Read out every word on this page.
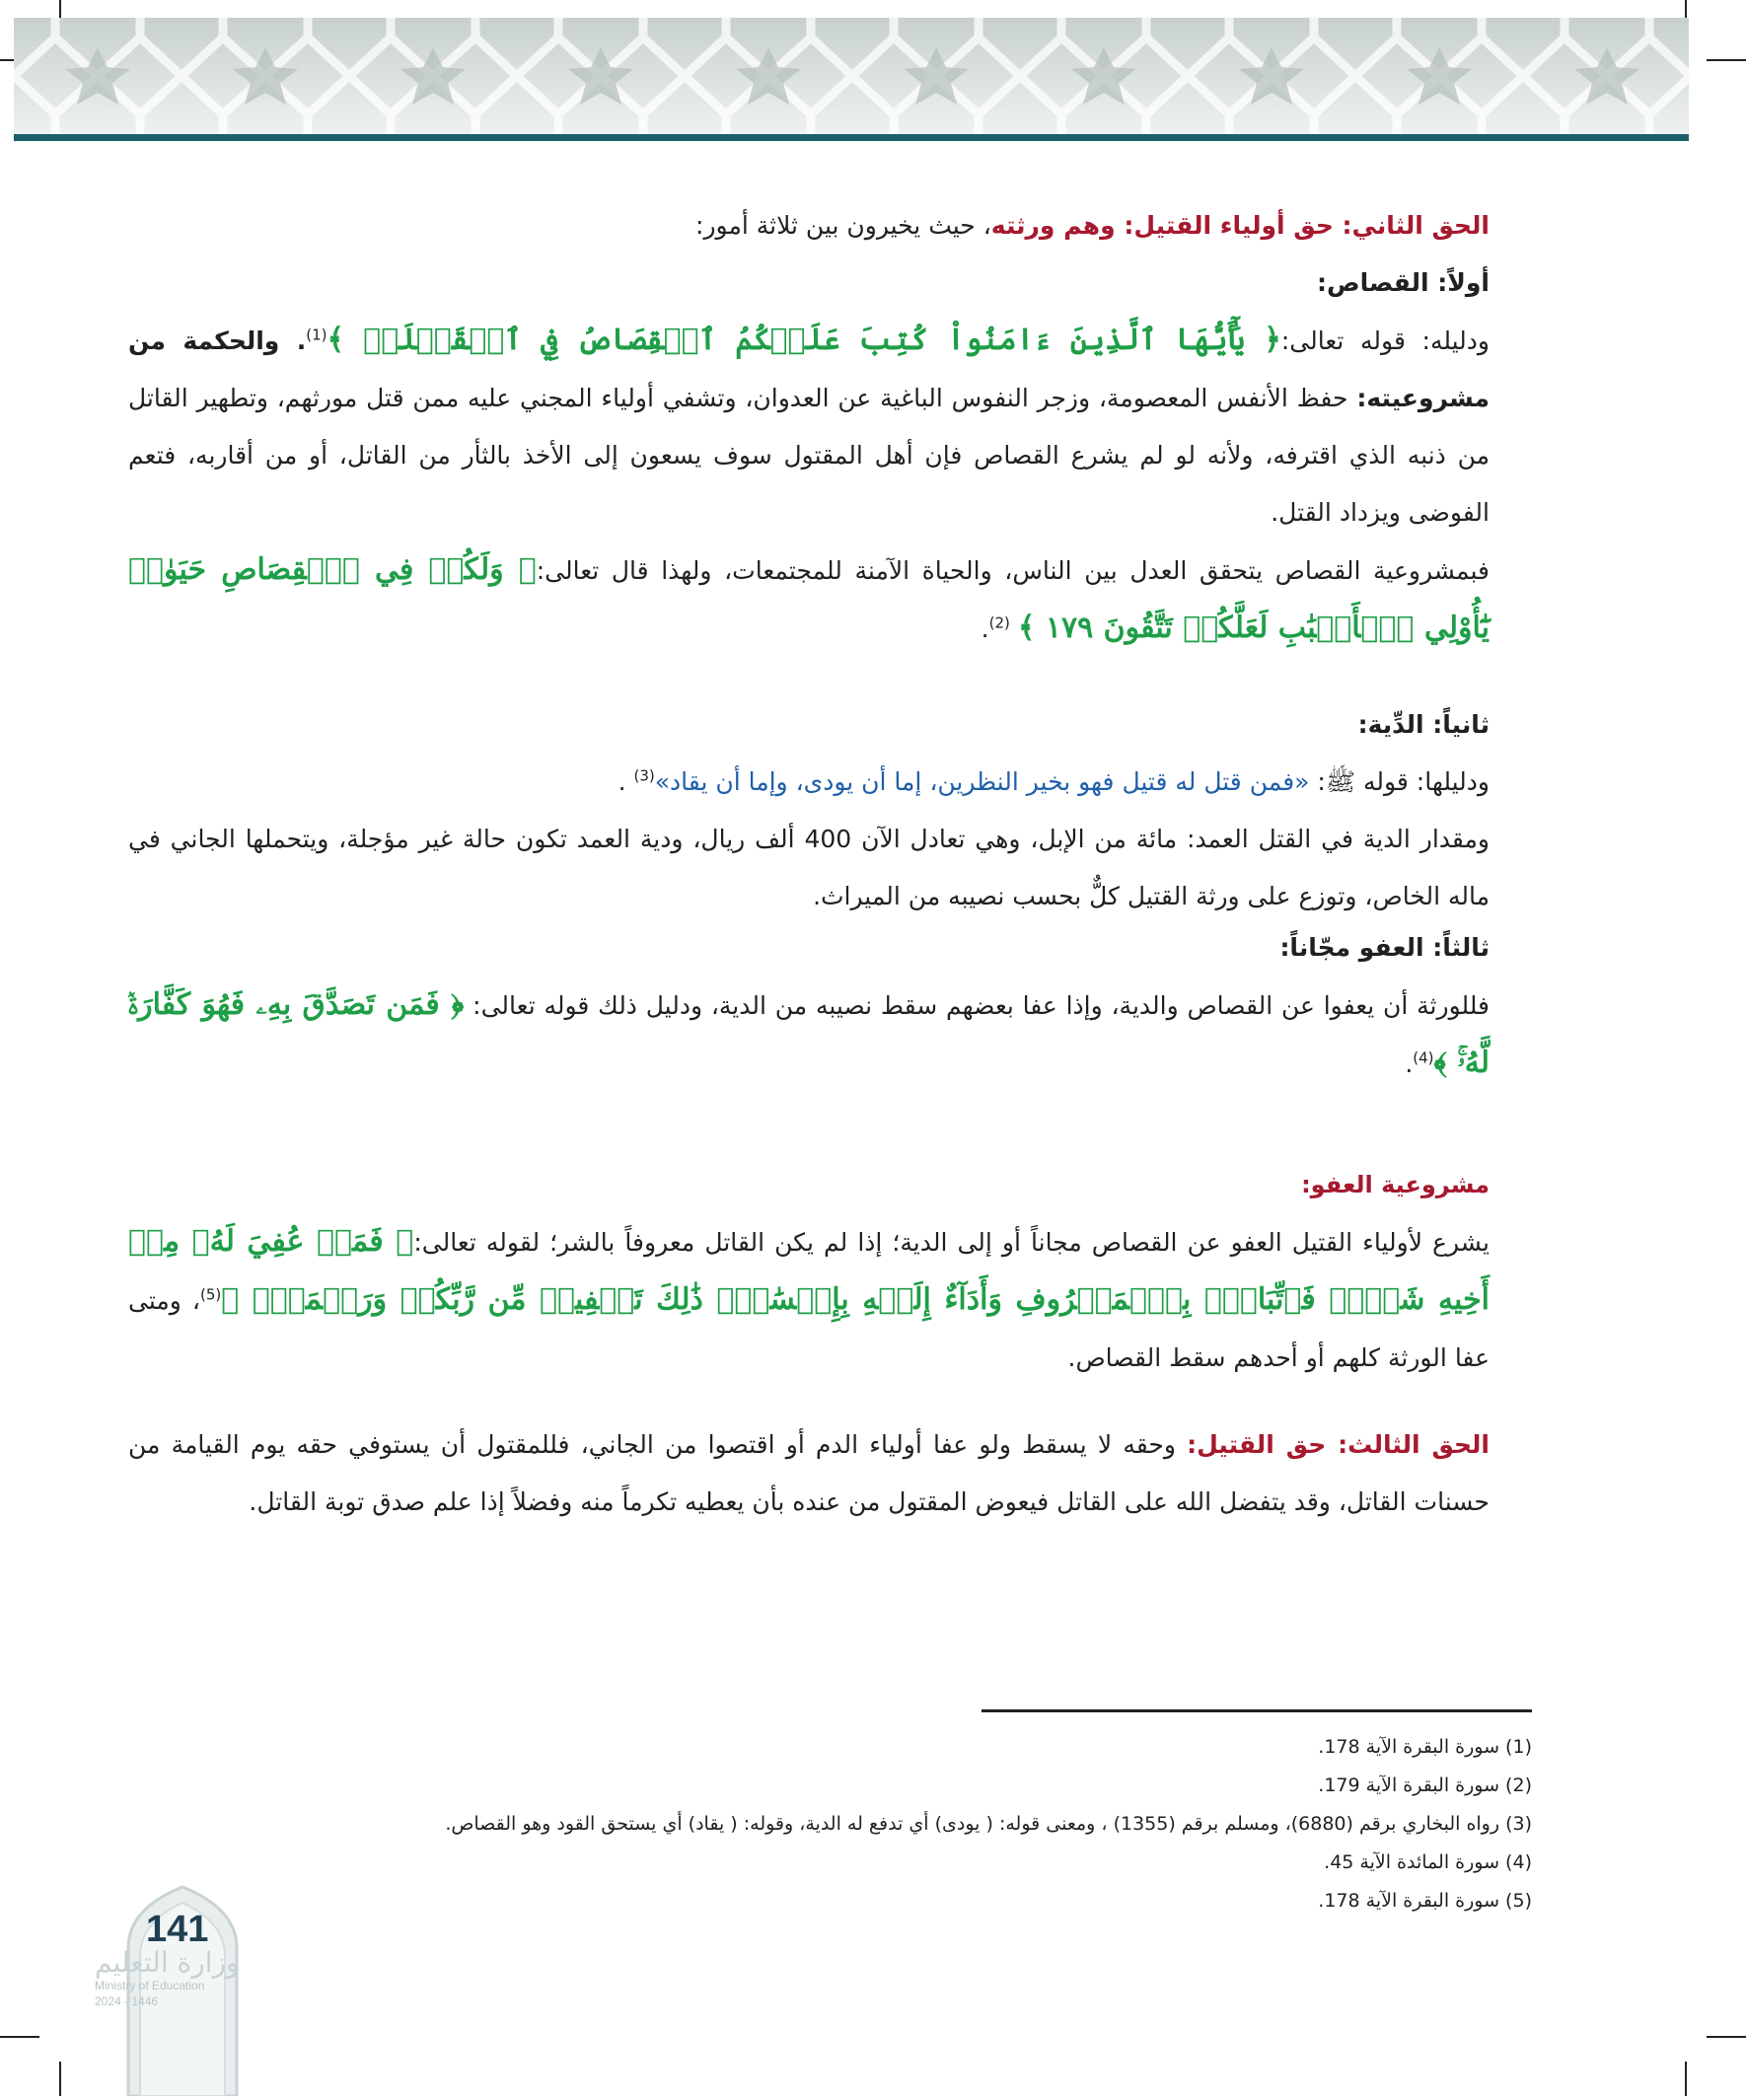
الحق الثاني: حق أولياء القتيل: وهم ورثته، حيث يخيرون بين ثلاثة أمور:

أولاً: القصاص:

ودليله: قوله تعالى:﴿ يَٰٓأَيُّهَا ٱلَّذِينَ ءَامَنُواْ كُتِبَ عَلَيۡكُمُ ٱلۡقِصَاصُ فِي ٱلۡقَتۡلَىۖ ﴾$^{(1)}$. والحكمة من مشروعيته: حفظ الأنفس المعصومة، وزجر النفوس الباغية عن العدوان، وتشفي أولياء المجني عليه ممن قتل مورثهم، وتطهير القاتل من ذنبه الذي اقترفه، ولأنه لو لم يشرع القصاص فإن أهل المقتول سوف يسعون إلى الأخذ بالثأر من القاتل، أو من أقاربه، فتعم الفوضى ويزداد القتل.

فبمشروعية القصاص يتحقق العدل بين الناس، والحياة الآمنة للمجتمعات، ولهذا قال تعالى:﴿ وَلَكُمۡ فِي ٱلۡقِصَاصِ حَيَوٰةٞ يَٰٓأُوْلِي ٱلۡأَلۡبَٰبِ لَعَلَّكُمۡ تَتَّقُونَ ١٧٩ ﴾ $^{(2)}$.

ثانياً: الدِّية:

ودليلها: قوله ﷺ: «فمن قتل له قتيل فهو بخير النظرين، إما أن يودى، وإما أن يقاد»$^{(3)}$ .

ومقدار الدية في القتل العمد: مائة من الإبل، وهي تعادل الآن 400 ألف ريال، ودية العمد تكون حالة غير مؤجلة، ويتحملها الجاني في ماله الخاص، وتوزع على ورثة القتيل كلٌّ بحسب نصيبه من الميراث.

ثالثاً: العفو مجّاناً:

فللورثة أن يعفوا عن القصاص والدية، وإذا عفا بعضهم سقط نصيبه من الدية، ودليل ذلك قوله تعالى: ﴿ فَمَن تَصَدَّقَ بِهِۦ فَهُوَ كَفَّارَةٞ لَّهُۥۚ ﴾$^{(4)}$.

مشروعية العفو:

يشرع لأولياء القتيل العفو عن القصاص مجاناً أو إلى الدية؛ إذا لم يكن القاتل معروفاً بالشر؛ لقوله تعالى:﴿ فَمَنۡ عُفِيَ لَهُۥ مِنۡ أَخِيهِ شَيۡءٞ فَٱتِّبَاعُۢ بِٱلۡمَعۡرُوفِ وَأَدَآءٌ إِلَيۡهِ بِإِحۡسَٰنٖۗ ذَٰلِكَ تَخۡفِيفٞ مِّن رَّبِّكُمۡ وَرَحۡمَةٞۗ ﴾$^{(5)}$، ومتى عفا الورثة كلهم أو أحدهم سقط القصاص.

الحق الثالث: حق القتيل: وحقه لا يسقط ولو عفا أولياء الدم أو اقتصوا من الجاني، فللمقتول أن يستوفي حقه يوم القيامة من حسنات القاتل، وقد يتفضل الله على القاتل فيعوض المقتول من عنده بأن يعطيه تكرماً منه وفضلاً إذا علم صدق توبة القاتل.

(1) سورة البقرة الآية 178.
(2) سورة البقرة الآية 179.
(3) رواه البخاري برقم (6880)، ومسلم برقم (1355) ، ومعنى قوله: ( يودى) أي تدفع له الدية، وقوله: ( يقاد) أي يستحق القود وهو القصاص.
(4) سورة المائدة الآية 45.
(5) سورة البقرة الآية 178.
141
وزارة التعليم
Ministry of Education
2024 - 1446
